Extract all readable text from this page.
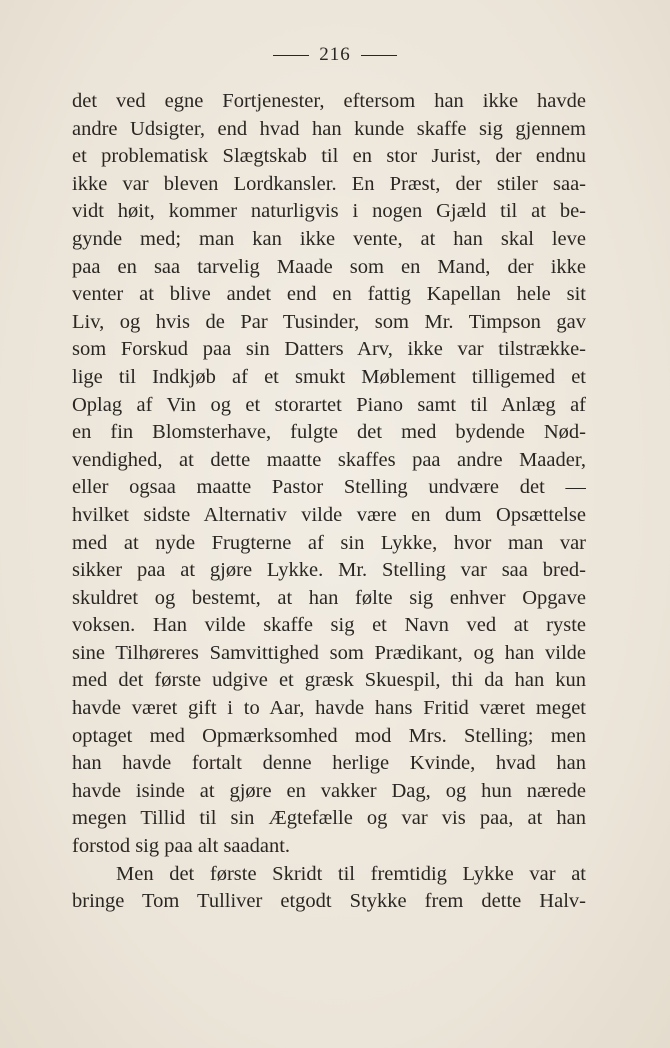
216
det ved egne Fortjenester, eftersom han ikke havde
andre Udsigter, end hvad han kunde skaffe sig gjennem
et problematisk Slægtskab til en stor Jurist, der endnu
ikke var bleven Lordkansler. En Præst, der stiler saa-
vidt høit, kommer naturligvis i nogen Gjæld til at be-
gynde med; man kan ikke vente, at han skal leve
paa en saa tarvelig Maade som en Mand, der ikke
venter at blive andet end en fattig Kapellan hele sit
Liv, og hvis de Par Tusinder, som Mr. Timpson gav
som Forskud paa sin Datters Arv, ikke var tilstrække-
lige til Indkjøb af et smukt Møblement tilligemed et
Oplag af Vin og et storartet Piano samt til Anlæg af
en fin Blomsterhave, fulgte det med bydende Nød-
vendighed, at dette maatte skaffes paa andre Maader,
eller ogsaa maatte Pastor Stelling undvære det —
hvilket sidste Alternativ vilde være en dum Opsættelse
med at nyde Frugterne af sin Lykke, hvor man var
sikker paa at gjøre Lykke. Mr. Stelling var saa bred-
skuldret og bestemt, at han følte sig enhver Opgave
voksen. Han vilde skaffe sig et Navn ved at ryste
sine Tilhøreres Samvittighed som Prædikant, og han vilde
med det første udgive et græsk Skuespil, thi da han kun
havde været gift i to Aar, havde hans Fritid været meget
optaget med Opmærksomhed mod Mrs. Stelling; men
han havde fortalt denne herlige Kvinde, hvad han
havde isinde at gjøre en vakker Dag, og hun nærede
megen Tillid til sin Ægtefælle og var vis paa, at han
forstod sig paa alt saadant.
Men det første Skridt til fremtidig Lykke var at
bringe Tom Tulliver etgodt Stykke frem dette Halv-
